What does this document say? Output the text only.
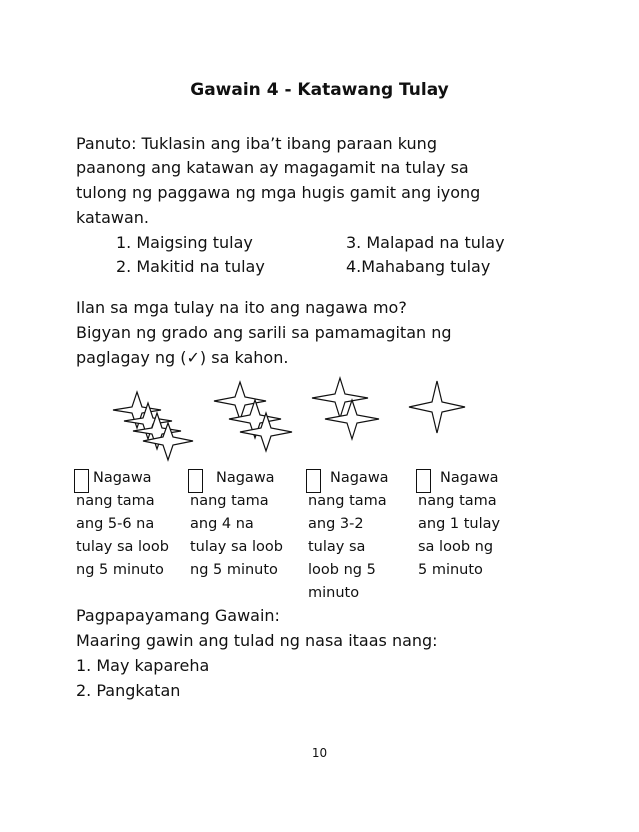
Gawain 4 - Katawang Tulay
Panuto: Tuklasin ang iba’t ibang paraan kung
paanong ang katawan ay magagamit na tulay sa
tulong ng paggawa ng mga hugis gamit ang iyong
katawan.
1. Maigsing tulay	3. Malapad na tulay
2. Makitid na tulay	4.Mahabang tulay
Ilan sa mga tulay na ito ang nagawa mo?
Bigyan ng grado ang sarili sa pamamagitan ng
paglagay ng (✓) sa kahon.
Nagawa
nang tama
ang 5-6 na
tulay sa loob
ng 5 minuto
Nagawa
nang tama
ang 4 na
tulay sa loob
ng 5 minuto
Nagawa
nang tama
ang 3-2
tulay sa
loob ng 5
minuto
Nagawa
nang tama
ang 1 tulay
sa loob ng
5 minuto
Pagpapayamang Gawain:
Maaring gawin ang tulad ng nasa itaas nang:
1. May kapareha
2. Pangkatan
10
